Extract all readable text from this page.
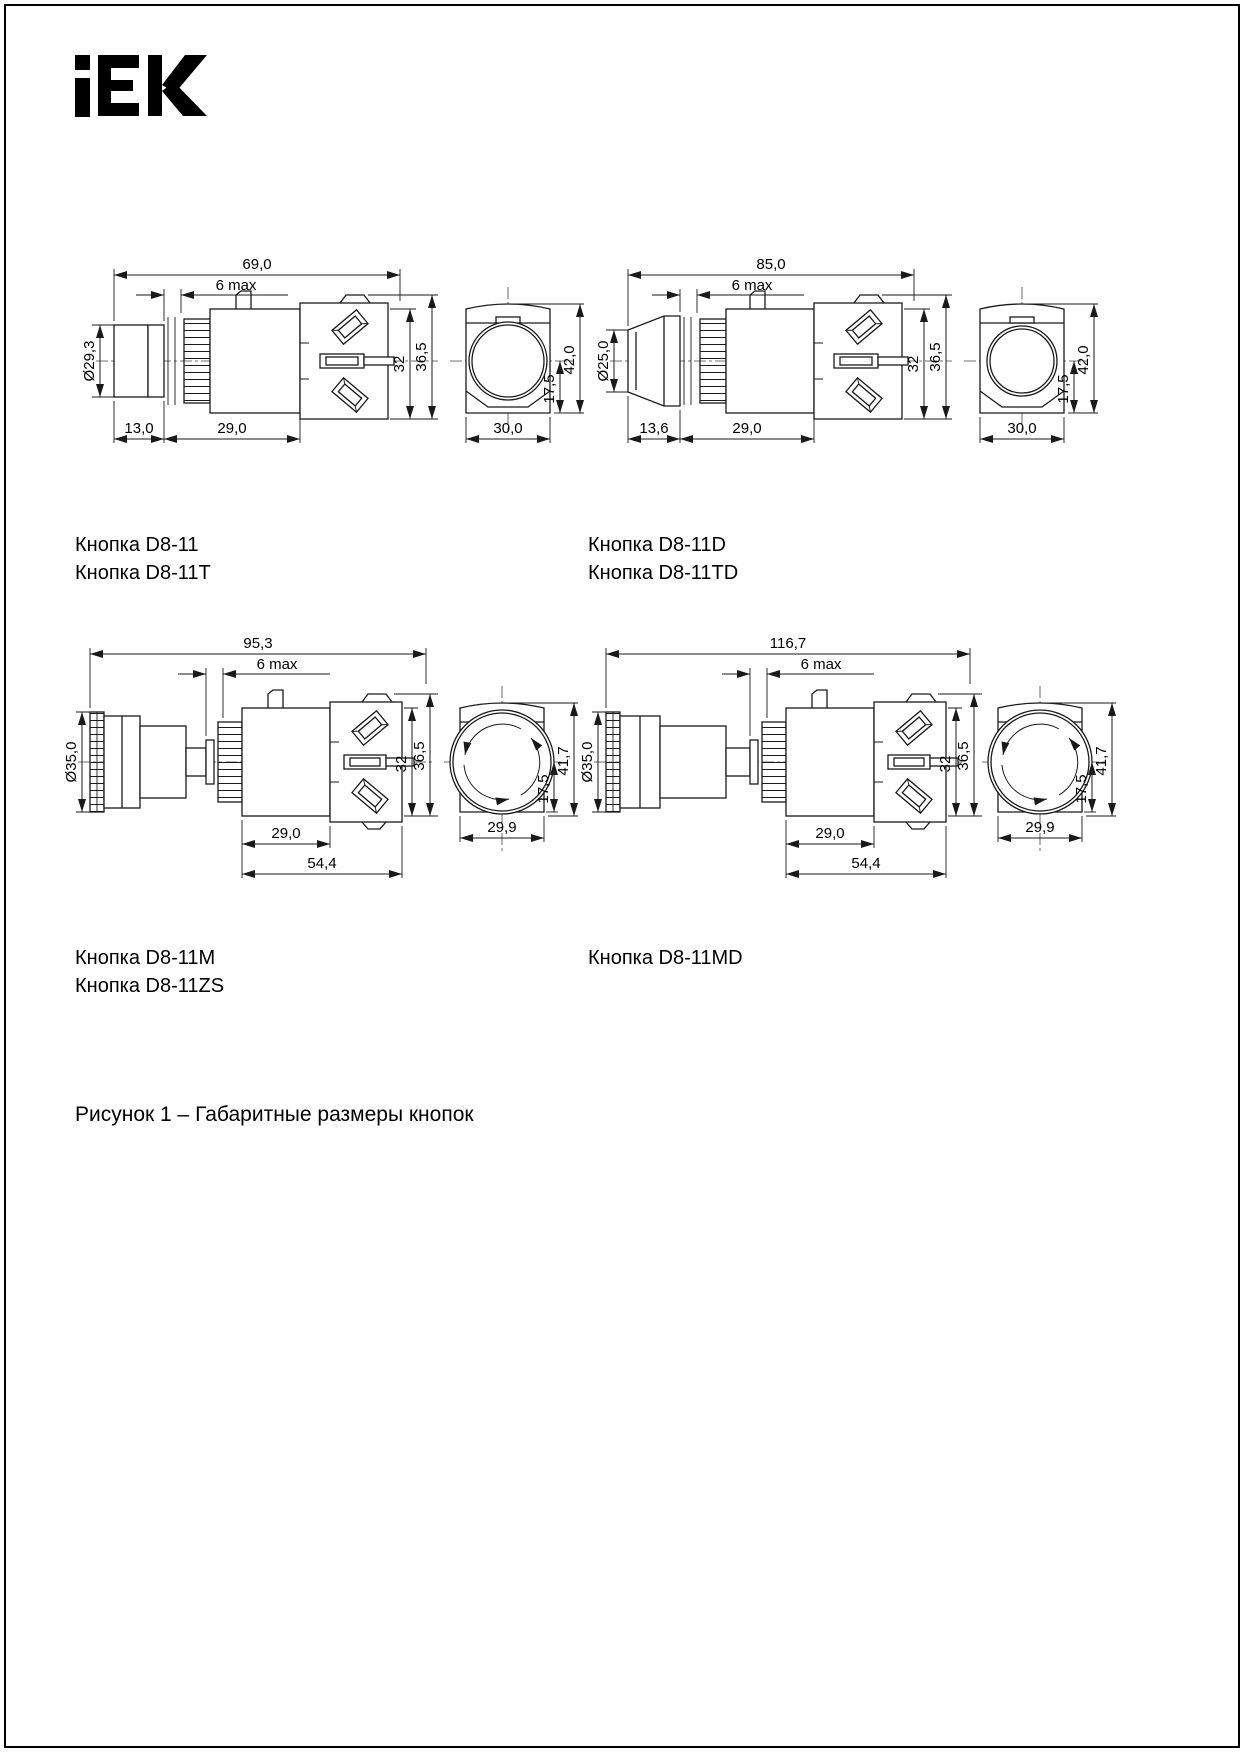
69,0
6 max
Ø29,3
13,0	29,0
32 36,5
30,0
17,5
42,0
85,0
6 max
Ø25,0
13,6	29,0
32 36,5
30,0
17,5
42,0
95,3
6 max
Ø35,0
29,0
54,4
32 36,5
29,9
17,5
41,7
116,7
6 max
Ø35,0
29,0
54,4
32 36,5
29,9
17,5
41,7
Кнопка D8-11
Кнопка D8-11T
Кнопка D8-11D
Кнопка D8-11TD
Кнопка D8-11M
Кнопка D8-11ZS
Кнопка D8-11MD
Рисунок 1 – Габаритные размеры кнопок
